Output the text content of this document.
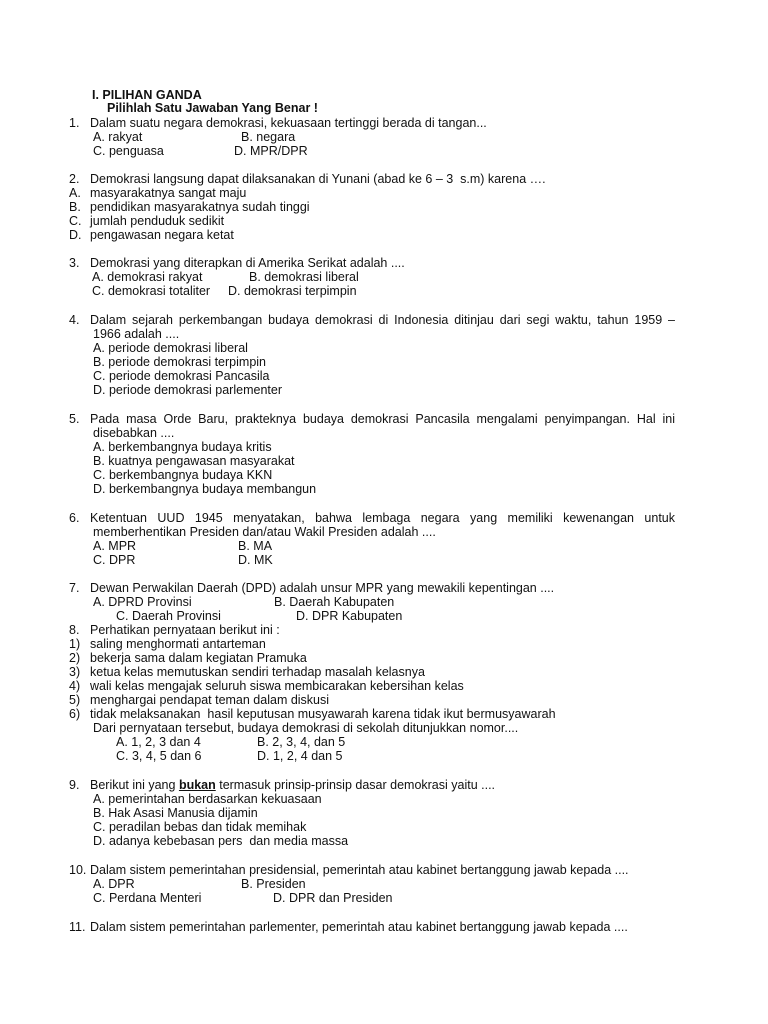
I. PILIHAN GANDA
Pilihlah Satu Jawaban Yang Benar !
1. Dalam suatu negara demokrasi, kekuasaan tertinggi berada di tangan...
A. rakyat	B. negara
C. penguasa	D. MPR/DPR
2. Demokrasi langsung dapat dilaksanakan di Yunani (abad ke 6 – 3  s.m) karena ….
A. masyarakatnya sangat maju
B. pendidikan masyarakatnya sudah tinggi
C. jumlah penduduk sedikit
D. pengawasan negara ketat
3. Demokrasi yang diterapkan di Amerika Serikat adalah ....
A. demokrasi rakyat	B. demokrasi liberal
C. demokrasi totaliter D. demokrasi terpimpin
4. Dalam sejarah perkembangan budaya demokrasi di Indonesia ditinjau dari segi waktu, tahun 1959 –
1966 adalah ....
A. periode demokrasi liberal
B. periode demokrasi terpimpin
C. periode demokrasi Pancasila
D. periode demokrasi parlementer
5. Pada masa Orde Baru, prakteknya budaya demokrasi Pancasila mengalami penyimpangan. Hal ini
disebabkan ....
A. berkembangnya budaya kritis
B. kuatnya pengawasan masyarakat
C. berkembangnya budaya KKN
D. berkembangnya budaya membangun
6. Ketentuan UUD 1945 menyatakan, bahwa lembaga negara yang memiliki kewenangan untuk
memberhentikan Presiden dan/atau Wakil Presiden adalah ....
A. MPR	B. MA
C. DPR	D. MK
7. Dewan Perwakilan Daerah (DPD) adalah unsur MPR yang mewakili kepentingan ....
A. DPRD Provinsi	B. Daerah Kabupaten
C. Daerah Provinsi	D. DPR Kabupaten
8. Perhatikan pernyataan berikut ini :
1) saling menghormati antarteman
2) bekerja sama dalam kegiatan Pramuka
3) ketua kelas memutuskan sendiri terhadap masalah kelasnya
4) wali kelas mengajak seluruh siswa membicarakan kebersihan kelas
5) menghargai pendapat teman dalam diskusi
6) tidak melaksanakan  hasil keputusan musyawarah karena tidak ikut bermusyawarah
Dari pernyataan tersebut, budaya demokrasi di sekolah ditunjukkan nomor....
A. 1, 2, 3 dan 4	B. 2, 3, 4, dan 5
C. 3, 4, 5 dan 6	D. 1, 2, 4 dan 5
9. Berikut ini yang bukan termasuk prinsip-prinsip dasar demokrasi yaitu ....
A. pemerintahan berdasarkan kekuasaan
B. Hak Asasi Manusia dijamin
C. peradilan bebas dan tidak memihak
D. adanya kebebasan pers  dan media massa
10. Dalam sistem pemerintahan presidensial, pemerintah atau kabinet bertanggung jawab kepada ....
A. DPR	B. Presiden
C. Perdana Menteri	D. DPR dan Presiden
11. Dalam sistem pemerintahan parlementer, pemerintah atau kabinet bertanggung jawab kepada ....
